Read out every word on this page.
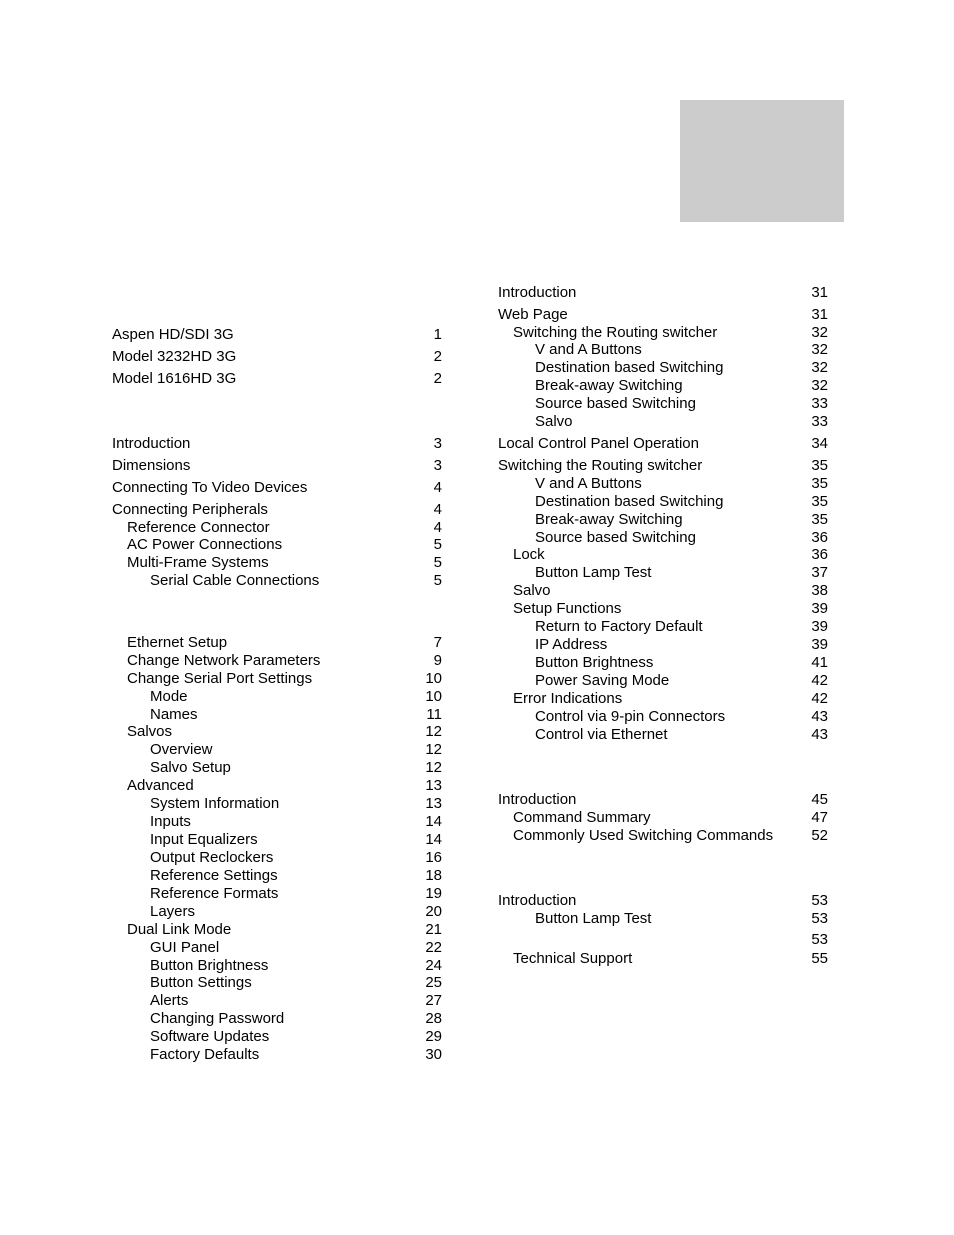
Aspen HD/SDI 3G	1
Model 3232HD 3G	2
Model 1616HD 3G	2
Introduction	3
Dimensions	3
Connecting To Video Devices	4
Connecting Peripherals	4
Reference Connector	4
AC Power Connections	5
Multi-Frame Systems	5
Serial Cable Connections	5
Ethernet Setup	7
Change Network Parameters	9
Change Serial Port Settings	10
Mode	10
Names	11
Salvos	12
Overview	12
Salvo Setup	12
Advanced	13
System Information	13
Inputs	14
Input Equalizers	14
Output Reclockers	16
Reference Settings	18
Reference Formats	19
Layers	20
Dual Link Mode	21
GUI Panel	22
Button Brightness	24
Button Settings	25
Alerts	27
Changing Password	28
Software Updates	29
Factory Defaults	30
Introduction	31
Web Page	31
Switching the Routing switcher	32
V and A Buttons	32
Destination based Switching	32
Break-away Switching	32
Source based Switching	33
Salvo	33
Local Control Panel Operation	34
Switching the Routing switcher	35
V and A Buttons	35
Destination based Switching	35
Break-away Switching	35
Source based Switching	36
Lock	36
Button Lamp Test	37
Salvo	38
Setup Functions	39
Return to Factory Default	39
IP Address	39
Button Brightness	41
Power Saving Mode	42
Error Indications	42
Control via 9-pin Connectors	43
Control via Ethernet	43
Introduction	45
Command Summary	47
Commonly Used Switching Commands	52
Introduction	53
Button Lamp Test	53
53
Technical Support	55
